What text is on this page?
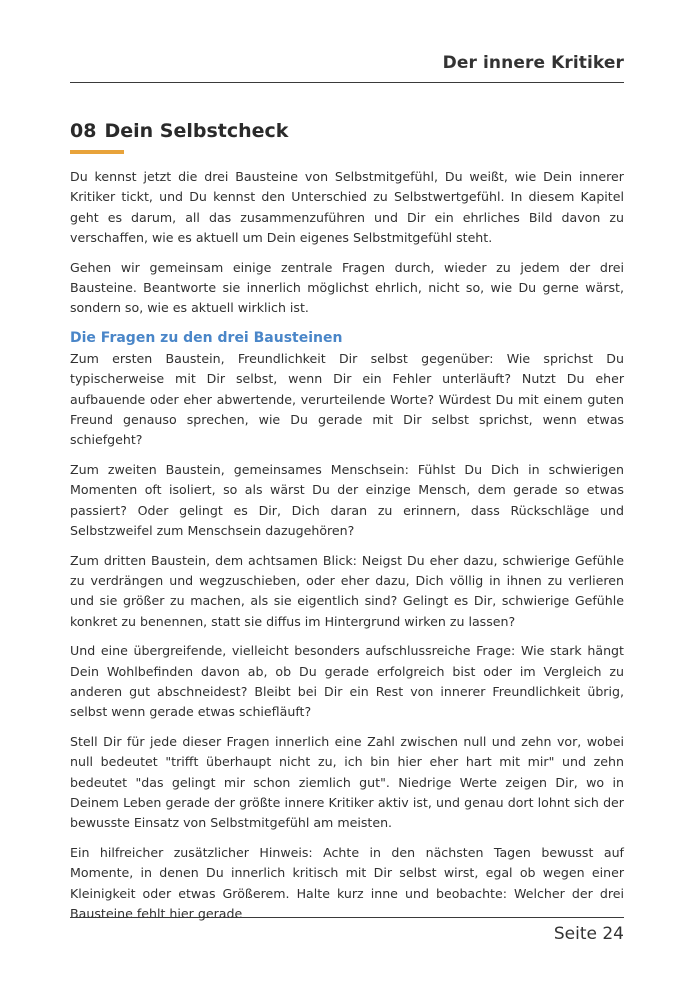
Der innere Kritiker
08 Dein Selbstcheck

Du kennst jetzt die drei Bausteine von Selbstmitgefühl, Du weißt, wie Dein innerer Kritiker tickt, und Du kennst den Unterschied zu Selbstwertgefühl. In diesem Kapitel geht es darum, all das zusammenzuführen und Dir ein ehrliches Bild davon zu verschaffen, wie es aktuell um Dein eigenes Selbstmitgefühl steht.

Gehen wir gemeinsam einige zentrale Fragen durch, wieder zu jedem der drei Bausteine. Beantworte sie innerlich möglichst ehrlich, nicht so, wie Du gerne wärst, sondern so, wie es aktuell wirklich ist.

Die Fragen zu den drei Bausteinen

Zum ersten Baustein, Freundlichkeit Dir selbst gegenüber: Wie sprichst Du typischerweise mit Dir selbst, wenn Dir ein Fehler unterläuft? Nutzt Du eher aufbauende oder eher abwertende, verurteilende Worte? Würdest Du mit einem guten Freund genauso sprechen, wie Du gerade mit Dir selbst sprichst, wenn etwas schiefgeht?

Zum zweiten Baustein, gemeinsames Menschsein: Fühlst Du Dich in schwierigen Momenten oft isoliert, so als wärst Du der einzige Mensch, dem gerade so etwas passiert? Oder gelingt es Dir, Dich daran zu erinnern, dass Rückschläge und Selbstzweifel zum Menschsein dazugehören?

Zum dritten Baustein, dem achtsamen Blick: Neigst Du eher dazu, schwierige Gefühle zu verdrängen und wegzuschieben, oder eher dazu, Dich völlig in ihnen zu verlieren und sie größer zu machen, als sie eigentlich sind? Gelingt es Dir, schwierige Gefühle konkret zu benennen, statt sie diffus im Hintergrund wirken zu lassen?

Und eine übergreifende, vielleicht besonders aufschlussreiche Frage: Wie stark hängt Dein Wohlbefinden davon ab, ob Du gerade erfolgreich bist oder im Vergleich zu anderen gut abschneidest? Bleibt bei Dir ein Rest von innerer Freundlichkeit übrig, selbst wenn gerade etwas schiefläuft?

Stell Dir für jede dieser Fragen innerlich eine Zahl zwischen null und zehn vor, wobei null bedeutet "trifft überhaupt nicht zu, ich bin hier eher hart mit mir" und zehn bedeutet "das gelingt mir schon ziemlich gut". Niedrige Werte zeigen Dir, wo in Deinem Leben gerade der größte innere Kritiker aktiv ist, und genau dort lohnt sich der bewusste Einsatz von Selbstmitgefühl am meisten.

Ein hilfreicher zusätzlicher Hinweis: Achte in den nächsten Tagen bewusst auf Momente, in denen Du innerlich kritisch mit Dir selbst wirst, egal ob wegen einer Kleinigkeit oder etwas Größerem. Halte kurz inne und beobachte: Welcher der drei Bausteine fehlt hier gerade

Seite 24
